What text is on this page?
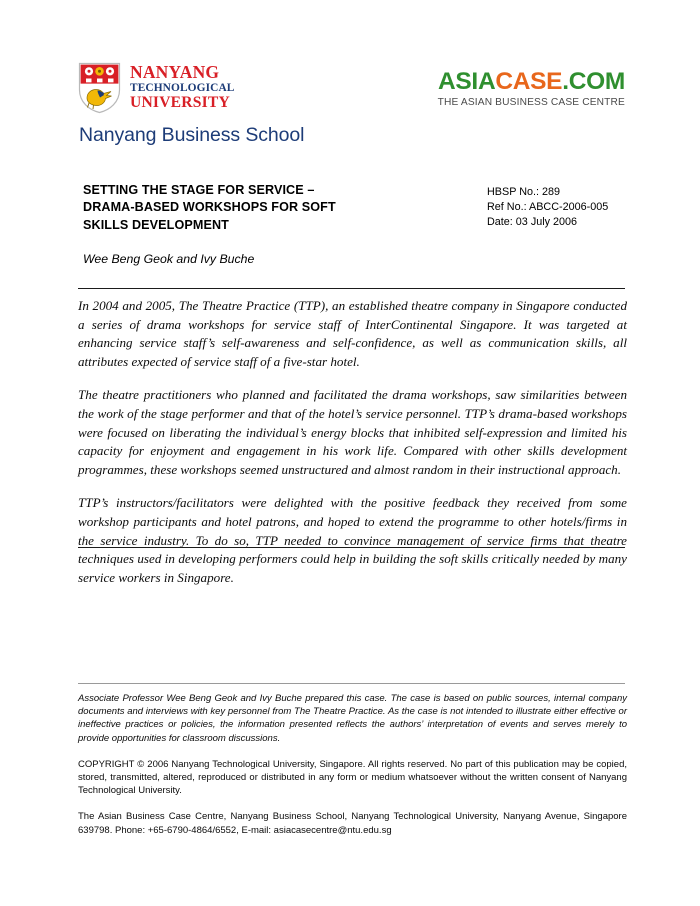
NANYANG
TECHNOLOGICAL
UNIVERSITY
Nanyang Business School
ASIACASE.COM
THE ASIAN BUSINESS CASE CENTRE
SETTING THE STAGE FOR SERVICE –
DRAMA-BASED WORKSHOPS FOR SOFT
SKILLS DEVELOPMENT

Wee Beng Geok and Ivy Buche

HBSP No.: 289
Ref No.: ABCC-2006-005
Date: 03 July 2006

In 2004 and 2005, The Theatre Practice (TTP), an established theatre company in Singapore conducted a series of drama workshops for service staff of InterContinental Singapore. It was targeted at enhancing service staff’s self-awareness and self-confidence, as well as communication skills, all attributes expected of service staff of a five-star hotel.

The theatre practitioners who planned and facilitated the drama workshops, saw similarities between the work of the stage performer and that of the hotel’s service personnel. TTP’s drama-based workshops were focused on liberating the individual’s energy blocks that inhibited self-expression and limited his capacity for enjoyment and engagement in his work life. Compared with other skills development programmes, these workshops seemed unstructured and almost random in their instructional approach.

TTP’s instructors/facilitators were delighted with the positive feedback they received from some workshop participants and hotel patrons, and hoped to extend the programme to other hotels/firms in the service industry. To do so, TTP needed to convince management of service firms that theatre techniques used in developing performers could help in building the soft skills critically needed by many service workers in Singapore.

Associate Professor Wee Beng Geok and Ivy Buche prepared this case. The case is based on public sources, internal company documents and interviews with key personnel from The Theatre Practice. As the case is not intended to illustrate either effective or ineffective practices or policies, the information presented reflects the authors’ interpretation of events and serves merely to provide opportunities for classroom discussions.

COPYRIGHT © 2006 Nanyang Technological University, Singapore. All rights reserved. No part of this publication may be copied, stored, transmitted, altered, reproduced or distributed in any form or medium whatsoever without the written consent of Nanyang Technological University.

The Asian Business Case Centre, Nanyang Business School, Nanyang Technological University, Nanyang Avenue, Singapore 639798. Phone: +65-6790-4864/6552, E-mail: asiacasecentre@ntu.edu.sg
